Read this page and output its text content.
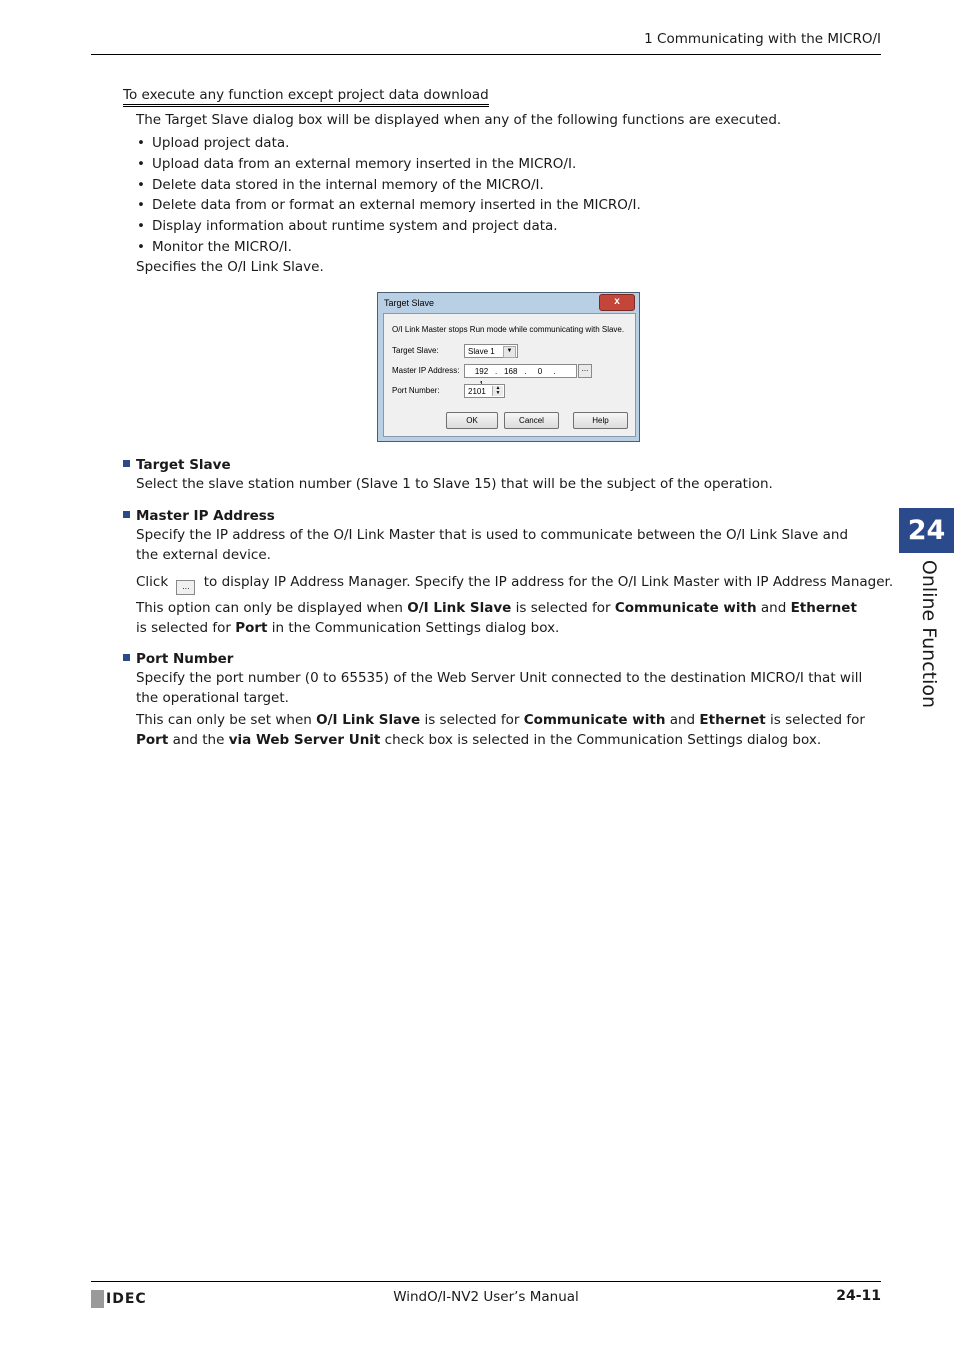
1 Communicating with the MICRO/I
To execute any function except project data download
The Target Slave dialog box will be displayed when any of the following functions are executed.
• Upload project data.
• Upload data from an external memory inserted in the MICRO/I.
• Delete data stored in the internal memory of the MICRO/I.
• Delete data from or format an external memory inserted in the MICRO/I.
• Display information about runtime system and project data.
• Monitor the MICRO/I.
Specifies the O/I Link Slave.
Target Slave	x
O/I Link Master stops Run mode while communicating with Slave.
Target Slave:	Slave 1	▼
Master IP Address:	192 . 168 . 0 .	...
Port Number:	2101	▲
▼
OK	Cancel	Help
Target Slave
Select the slave station number (Slave 1 to Slave 15) that will be the subject of the operation.
Master IP Address
Specify the IP address of the O/I Link Master that is used to communicate between the O/I Link Slave and the external device.
Click ... to display IP Address Manager. Specify the IP address for the O/I Link Master with IP Address Manager.
This option can only be displayed when O/I Link Slave is selected for Communicate with and Ethernet is selected for Port in the Communication Settings dialog box.
Port Number
Specify the port number (0 to 65535) of the Web Server Unit connected to the destination MICRO/I that will the operational target.
This can only be set when O/I Link Slave is selected for Communicate with and Ethernet is selected for Port and the via Web Server Unit check box is selected in the Communication Settings dialog box.
24
Online Function
IDEC	WindO/I-NV2 User’s Manual	24-11
